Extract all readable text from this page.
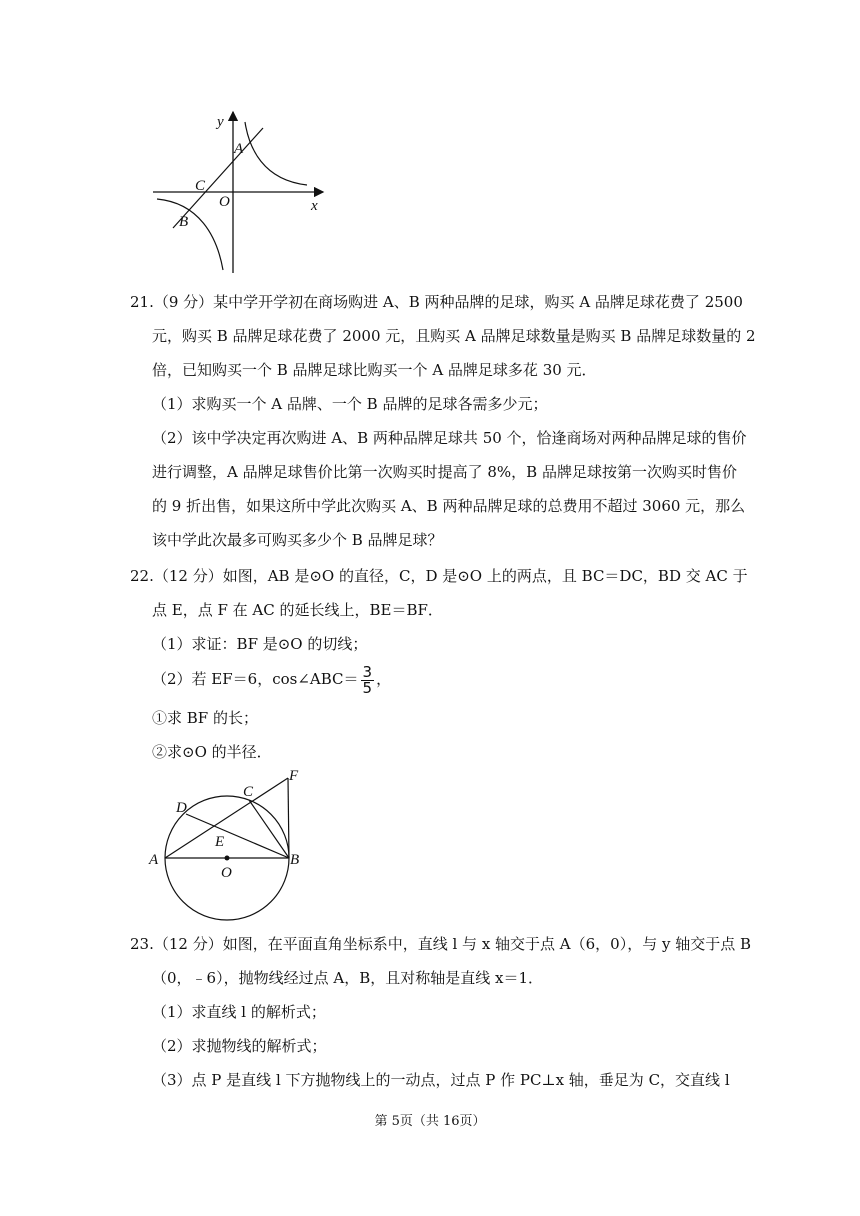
y
A
C
O	x
B
21.（9 分）某中学开学初在商场购进 A、B 两种品牌的足球，购买 A 品牌足球花费了 2500
元，购买 B 品牌足球花费了 2000 元，且购买 A 品牌足球数量是购买 B 品牌足球数量的 2
倍，已知购买一个 B 品牌足球比购买一个 A 品牌足球多花 30 元．
（1）求购买一个 A 品牌、一个 B 品牌的足球各需多少元；
（2）该中学决定再次购进 A、B 两种品牌足球共 50 个，恰逢商场对两种品牌足球的售价
进行调整，A 品牌足球售价比第一次购买时提高了 8%，B 品牌足球按第一次购买时售价
的 9 折出售，如果这所中学此次购买 A、B 两种品牌足球的总费用不超过 3060 元，那么
该中学此次最多可购买多少个 B 品牌足球？
22.（12 分）如图，AB 是⊙O 的直径，C，D 是⊙O 上的两点，且 BC＝DC，BD 交 AC 于
点 E，点 F 在 AC 的延长线上，BE＝BF．
（1）求证：BF 是⊙O 的切线；
（2）若 EF＝6，cos∠ABC＝ $\frac{3}{5}$ ，
①求 BF 的长；
②求⊙O 的半径．
D
C
F
E
A
O
B
23.（12 分）如图，在平面直角坐标系中，直线 l 与 x 轴交于点 A（6，0），与 y 轴交于点 B
（0，﹣6），抛物线经过点 A，B，且对称轴是直线 x＝1．
（1）求直线 l 的解析式；
（2）求抛物线的解析式；
（3）点 P 是直线 l 下方抛物线上的一动点，过点 P 作 PC⊥x 轴，垂足为 C，交直线 l
第 5页（共 16页）
